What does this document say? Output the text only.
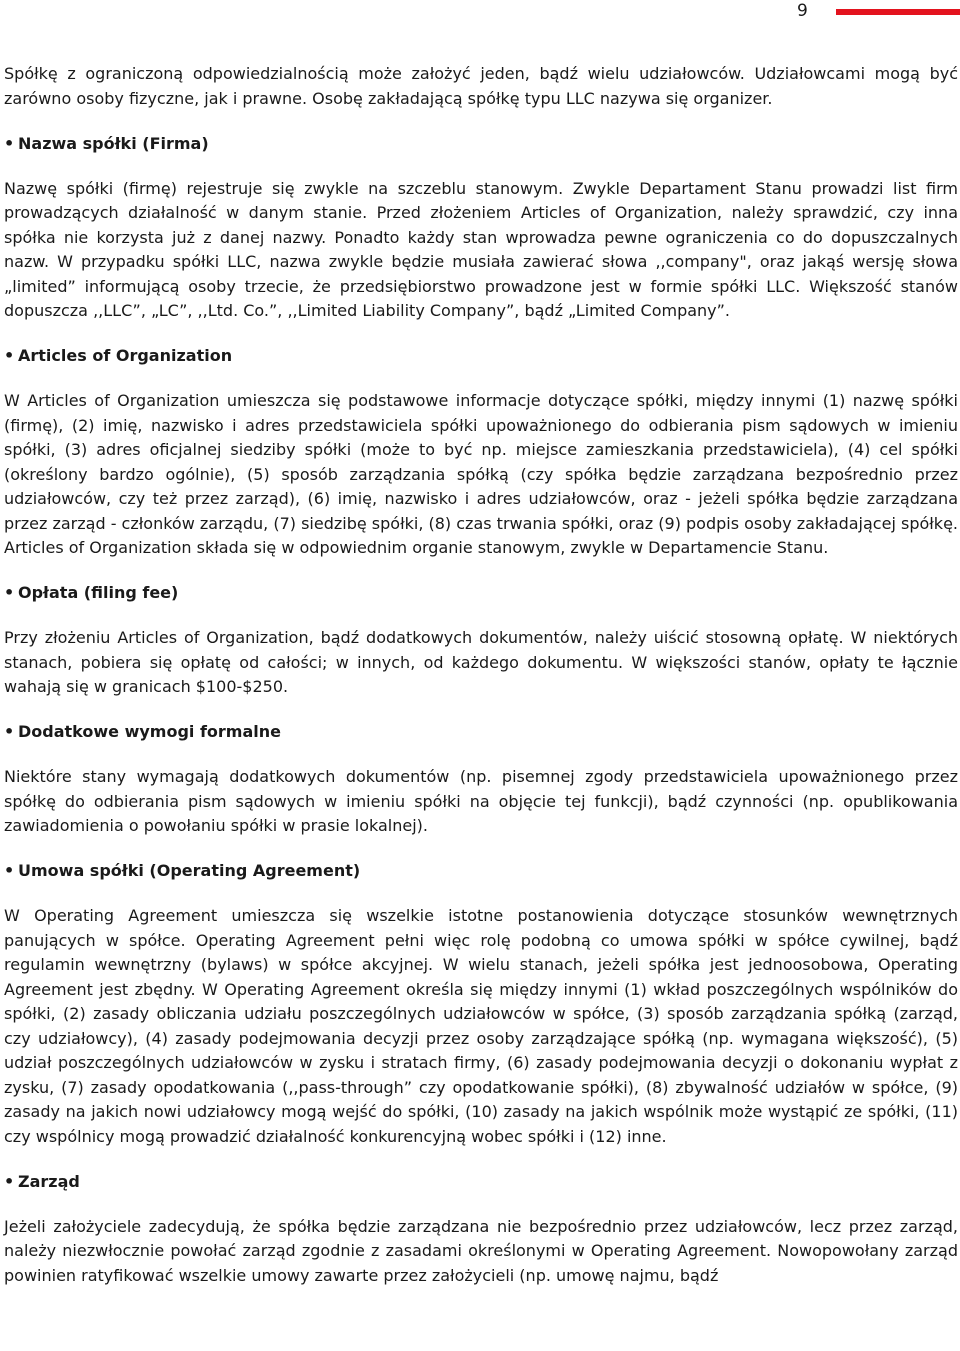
9

Spółkę z ograniczoną odpowiedzialnością może założyć jeden, bądź wielu udziałowców. Udziałowcami mogą być zarówno osoby fizyczne, jak i prawne. Osobę zakładającą spółkę typu LLC nazywa się organizer.

• Nazwa spółki (Firma)

Nazwę spółki (firmę) rejestruje się zwykle na szczeblu stanowym. Zwykle Departament Stanu prowadzi list firm prowadzących działalność w danym stanie. Przed złożeniem Articles of Organization, należy sprawdzić, czy inna spółka nie korzysta już z danej nazwy. Ponadto każdy stan wprowadza pewne ograniczenia co do dopuszczalnych nazw. W przypadku spółki LLC, nazwa zwykle będzie musiała zawierać słowa ,,company", oraz jakąś wersję słowa „limited” informującą osoby trzecie, że przedsiębiorstwo prowadzone jest w formie spółki LLC. Większość stanów dopuszcza ,,LLC”, „LC”, ,,Ltd. Co.”, ,,Limited Liability Company”, bądź „Limited Company”.

• Articles of Organization

W Articles of Organization umieszcza się podstawowe informacje dotyczące spółki, między innymi (1) nazwę spółki (firmę), (2) imię, nazwisko i adres przedstawiciela spółki upoważnionego do odbierania pism sądowych w imieniu spółki, (3) adres oficjalnej siedziby spółki (może to być np. miejsce zamieszkania przedstawiciela), (4) cel spółki (określony bardzo ogólnie), (5) sposób zarządzania spółką (czy spółka będzie zarządzana bezpośrednio przez udziałowców, czy też przez zarząd), (6) imię, nazwisko i adres udziałowców, oraz - jeżeli spółka będzie zarządzana przez zarząd - członków zarządu, (7) siedzibę spółki, (8) czas trwania spółki, oraz (9) podpis osoby zakładającej spółkę. Articles of Organization składa się w odpowiednim organie stanowym, zwykle w Departamencie Stanu.

• Opłata (filing fee)

Przy złożeniu Articles of Organization, bądź dodatkowych dokumentów, należy uiścić stosowną opłatę. W niektórych stanach, pobiera się opłatę od całości; w innych, od każdego dokumentu. W większości stanów, opłaty te łącznie wahają się w granicach $100-$250.

• Dodatkowe wymogi formalne

Niektóre stany wymagają dodatkowych dokumentów (np. pisemnej zgody przedstawiciela upoważnionego przez spółkę do odbierania pism sądowych w imieniu spółki na objęcie tej funkcji), bądź czynności (np. opublikowania zawiadomienia o powołaniu spółki w prasie lokalnej).

• Umowa spółki (Operating Agreement)

W Operating Agreement umieszcza się wszelkie istotne postanowienia dotyczące stosunków wewnętrznych panujących w spółce. Operating Agreement pełni więc rolę podobną co umowa spółki w spółce cywilnej, bądź regulamin wewnętrzny (bylaws) w spółce akcyjnej. W wielu stanach, jeżeli spółka jest jednoosobowa, Operating Agreement jest zbędny. W Operating Agreement określa się między innymi (1) wkład poszczególnych wspólników do spółki, (2) zasady obliczania udziału poszczególnych udziałowców w spółce, (3) sposób zarządzania spółką (zarząd, czy udziałowcy), (4) zasady podejmowania decyzji przez osoby zarządzające spółką (np. wymagana większość), (5) udział poszczególnych udziałowców w zysku i stratach firmy, (6) zasady podejmowania decyzji o dokonaniu wypłat z zysku, (7) zasady opodatkowania (,,pass-through” czy opodatkowanie spółki), (8) zbywalność udziałów w spółce, (9) zasady na jakich nowi udziałowcy mogą wejść do spółki, (10) zasady na jakich wspólnik może wystąpić ze spółki, (11) czy wspólnicy mogą prowadzić działalność konkurencyjną wobec spółki i (12) inne.

• Zarząd

Jeżeli założyciele zadecydują, że spółka będzie zarządzana nie bezpośrednio przez udziałowców, lecz przez zarząd, należy niezwłocznie powołać zarząd zgodnie z zasadami określonymi w Operating Agreement. Nowopowołany zarząd powinien ratyfikować wszelkie umowy zawarte przez założycieli (np. umowę najmu, bądź
